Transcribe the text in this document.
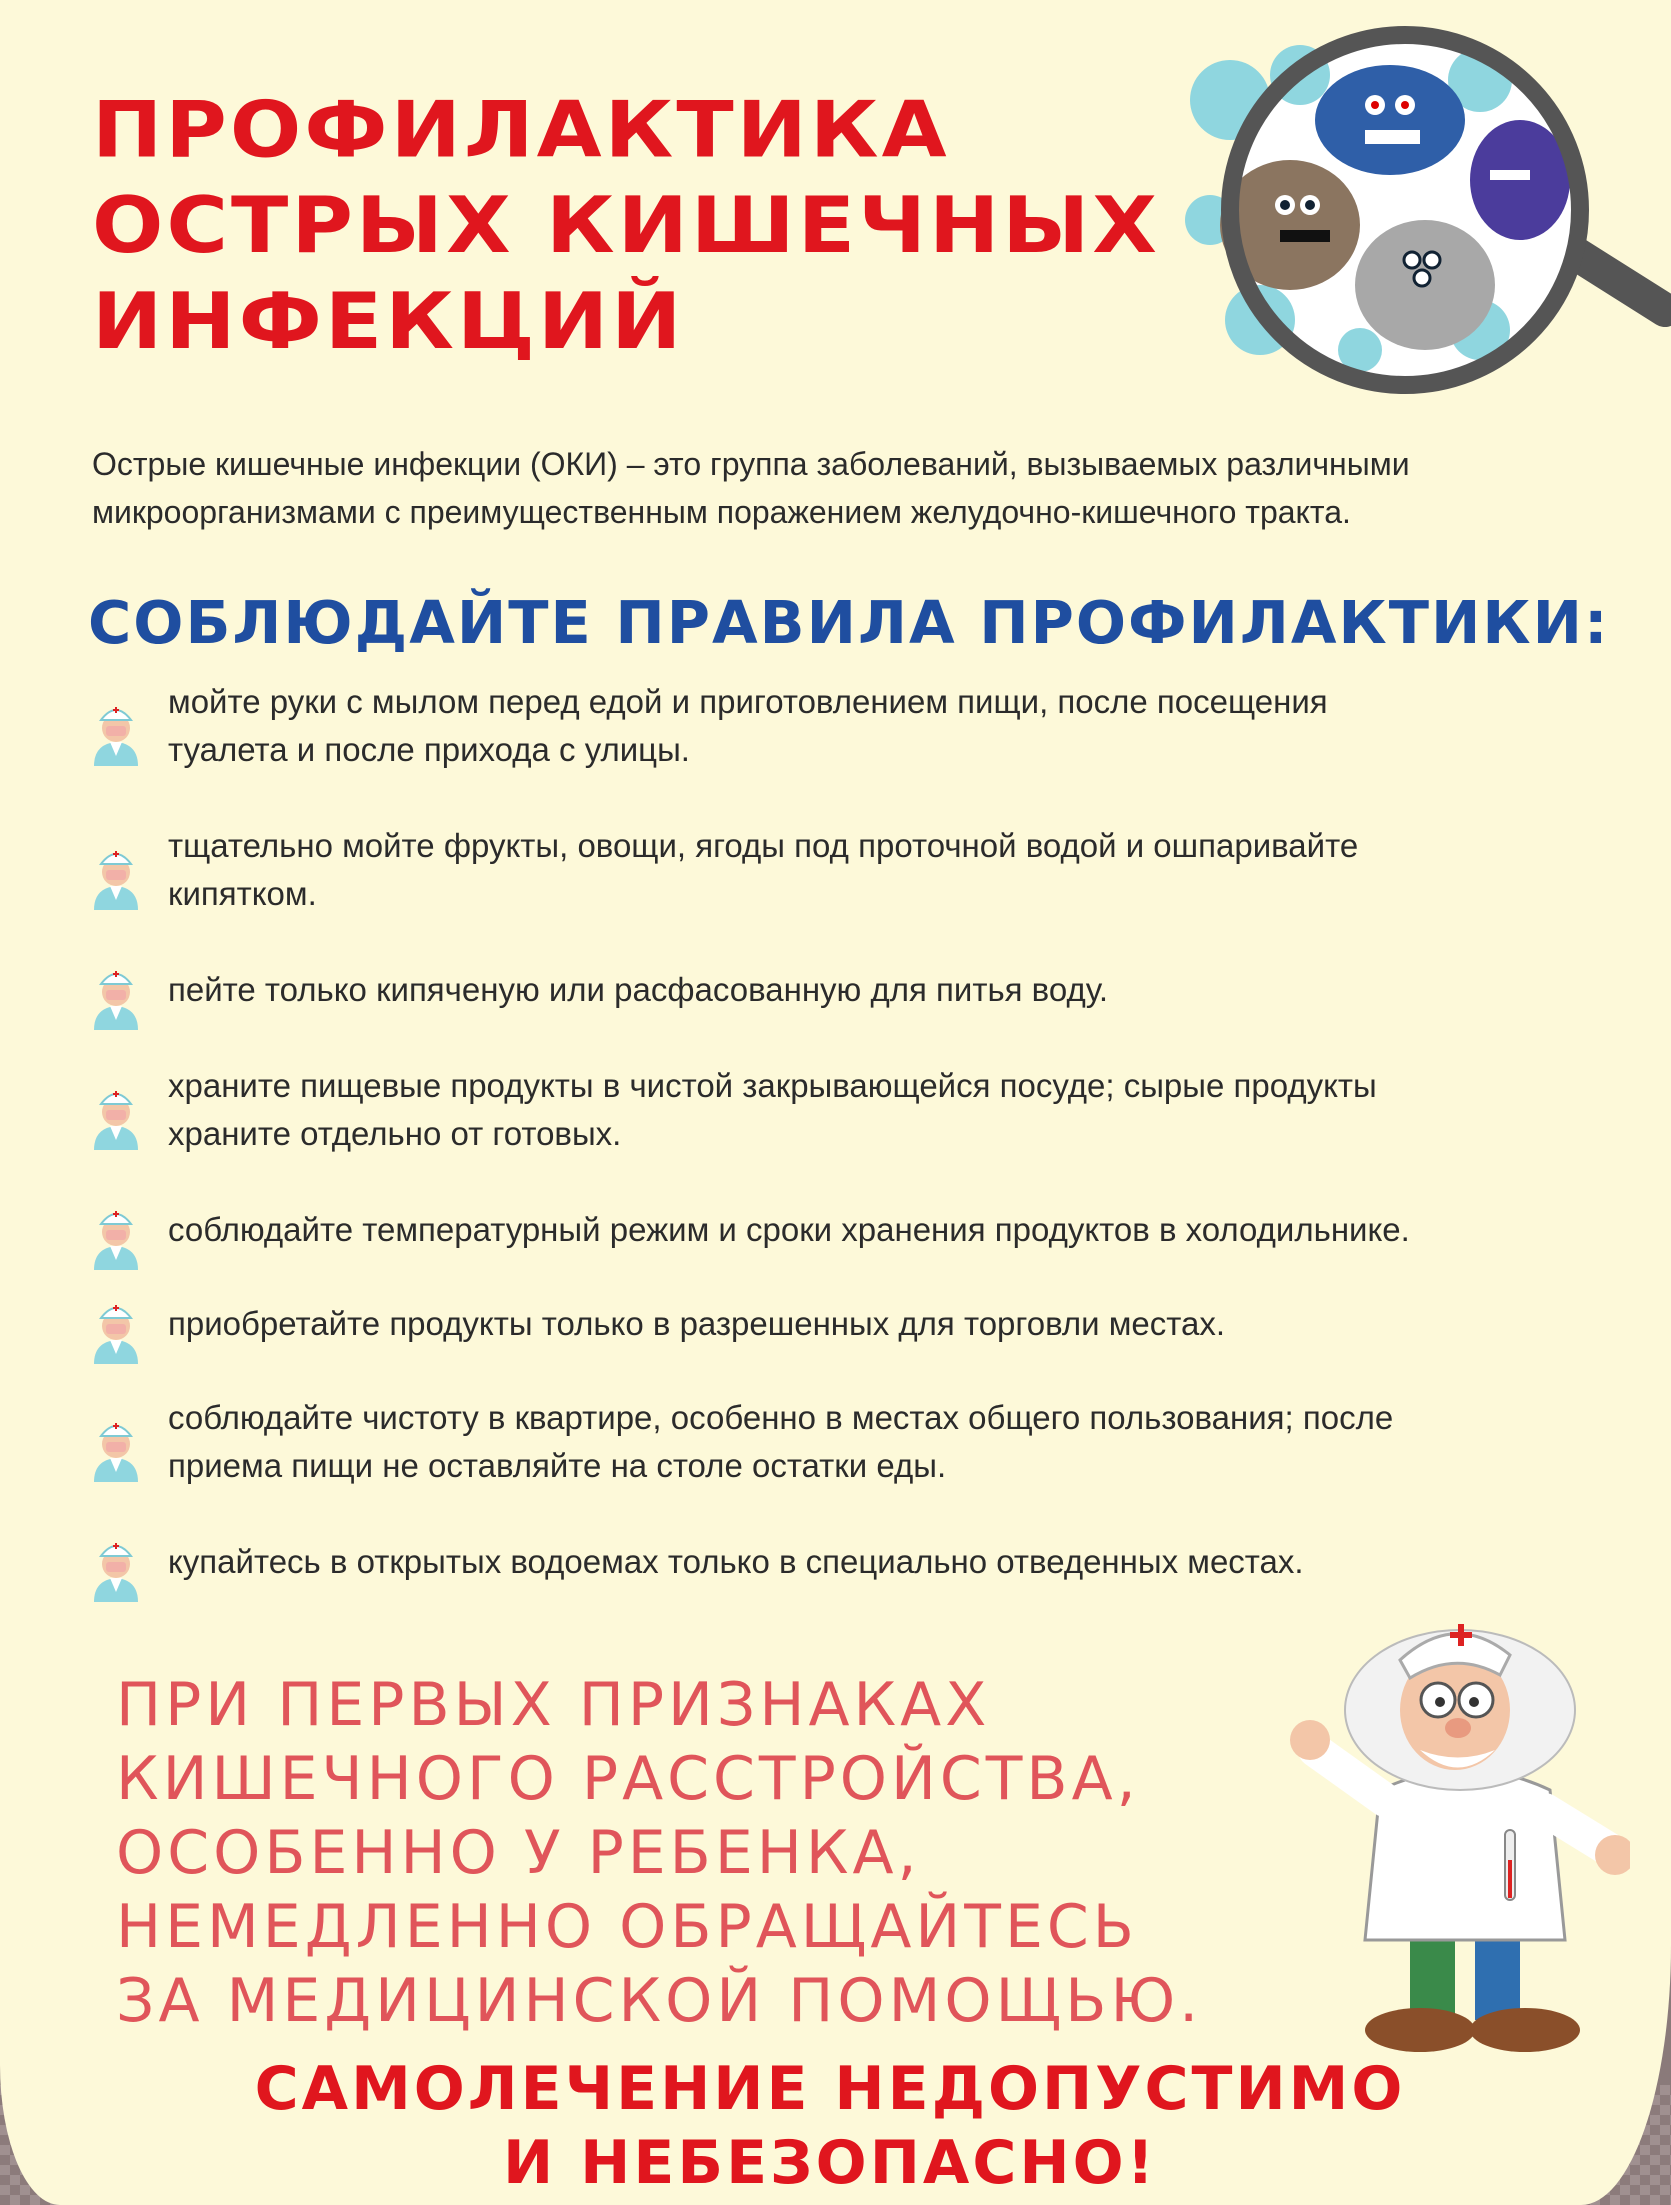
ПРОФИЛАКТИКА
ОСТРЫХ КИШЕЧНЫХ
ИНФЕКЦИЙ
Острые кишечные инфекции (ОКИ) – это группа заболеваний, вызываемых различными
микроорганизмами с преимущественным поражением желудочно-кишечного тракта.
СОБЛЮДАЙТЕ ПРАВИЛА ПРОФИЛАКТИКИ:
мойте руки с мылом перед едой и приготовлением пищи, после посещения
туалета и после прихода с улицы.
тщательно мойте фрукты, овощи, ягоды под проточной водой и ошпаривайте
кипятком.
пейте только кипяченую или расфасованную для питья воду.
храните пищевые продукты в чистой закрывающейся посуде; сырые продукты
храните отдельно от готовых.
соблюдайте температурный режим и сроки хранения продуктов в холодильнике.
приобретайте продукты только в разрешенных для торговли местах.
соблюдайте чистоту в квартире, особенно в местах общего пользования; после
приема пищи не оставляйте на столе остатки еды.
купайтесь в открытых водоемах только в специально отведенных местах.
ПРИ ПЕРВЫХ ПРИЗНАКАХ
КИШЕЧНОГО РАССТРОЙСТВА,
ОСОБЕННО У РЕБЕНКА,
НЕМЕДЛЕННО ОБРАЩАЙТЕСЬ
ЗА МЕДИЦИНСКОЙ ПОМОЩЬЮ.
САМОЛЕЧЕНИЕ НЕДОПУСТИМО
И НЕБЕЗОПАСНО!
